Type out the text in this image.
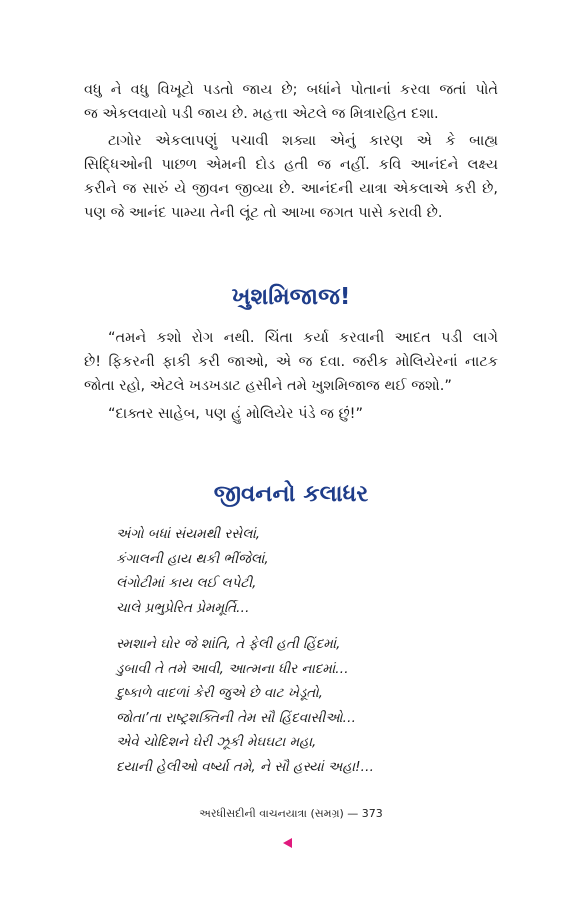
વધુ ને વધુ વિખૂટો પડતો જાય છે; બધાંને પોતાનાં કરવા જતાં પોતે
જ એકલવાયો પડી જાય છે. મહત્તા એટલે જ મિત્રારહિત દશા.
ટાગોર એકલાપણું પચાવી શક્યા એનું કારણ એ કે બાહ્ય
સિદ્ધિઓની પાછળ એમની દોડ હતી જ નહીં. કવિ આનંદને લક્ષ્ય
કરીને જ સારું યે જીવન જીવ્યા છે. આનંદની યાત્રા એકલાએ કરી છે,
પણ જે આનંદ પામ્યા તેની લૂંટ તો આખા જગત પાસે કરાવી છે.
ખુશમિજાજ!
“તમને કશો રોગ નથી. ચિંતા કર્યા કરવાની આદત પડી લાગે
છે! ફિકરની ફાકી કરી જાઓ, એ જ દવા. જરીક મોલિયેરનાં નાટક
જોતા રહો, એટલે ખડખડાટ હસીને તમે ખુશમિજાજ થઈ જશો.”
“દાક્તર સાહેબ, પણ હું મોલિયેર પંડે જ છું!”
જીવનનો કલાધર
અંગો બધાં સંયમથી રસેલાં,
કંગાલની હાય થકી ભીંજેલાં,
લંગોટીમાં કાય લઈ લપેટી,
ચાલે પ્રભુપ્રેરિત પ્રેમમૂર્તિ…
સ્મશાને ઘોર જે શાંતિ, તે ફેલી હતી હિંદમાં,
ડુબાવી તે તમે આવી, આત્મના ધીર નાદમાં…
દુષ્કાળે વાદળાં કેરી જુએ છે વાટ ખેડૂતો,
જોતા’તા રાષ્ટ્રશક્તિની તેમ સૌ હિંદવાસીઓ…
એવે ચોદિશને ઘેરી ઝૂકી મેઘઘટા મહા,
દયાની હેલીઓ વર્ષ્યા તમે, ને સૌ હસ્યાં અહા!…
અરધીસદીની વાચનયાત્રા (સમગ્ર) — 373
